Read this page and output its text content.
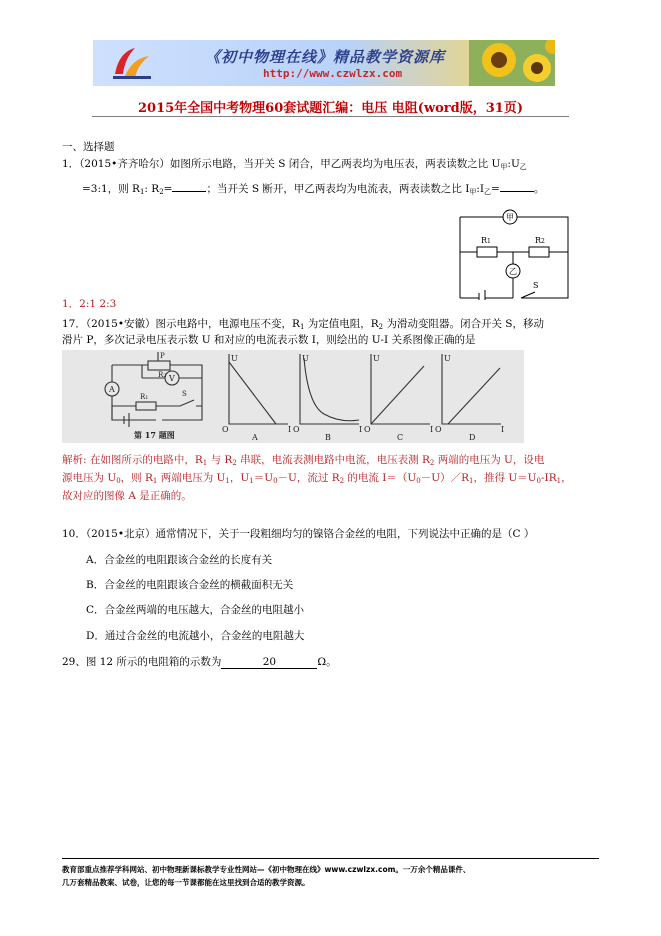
《初中物理在线》精品教学资源库
http://www.czwlzx.com
2015年全国中考物理60套试题汇编：电压 电阻(word版，31页)
一、选择题
1．（2015•齐齐哈尔）如图所示电路，当开关 S 闭合，甲乙两表均为电压表，两表读数之比 $U_甲:U_乙$
=3:1，则 $R_1$: $R_2=$	；当开关 S 断开，甲乙两表均为电流表，两表读数之比 $I_甲:I_乙=$	。
甲
乙
R1	R2
S
1．2:1 2:3
17．（2015•安徽）图示电路中，电源电压不变，$R_1$ 为定值电阻，$R_2$ 为滑动变阻器。闭合开关 S，移动
滑片 P，多次记录电压表示数 U 和对应的电流表示数 I，则绘出的 U-I 关系图像正确的是
A
V
P
R2
R1	S
第 17 题图
U
I
O
U
I
O
U
I
O
U
I
O
A	B	C	D
解析: 在如图所示的电路中，$R_1$ 与 $R_2$ 串联，电流表测电路中电流，电压表测 $R_2$ 两端的电压为 U，设电
源电压为 $U_0$，则 $R_1$ 两端电压为 $U_1$，$U_1=U_0-U$，流过 $R_2$ 的电流 $I=(U_0-U)/R_1$，推得 $U=U_0-IR_1$，
故对应的图像 A 是正确的。
10．（2015•北京）通常情况下，关于一段粗细均匀的镍铬合金丝的电阻，下列说法中正确的是（C ）
A．合金丝的电阻跟该合金丝的长度有关
B．合金丝的电阻跟该合金丝的横截面积无关
C．合金丝两端的电压越大，合金丝的电阻越小
D．通过合金丝的电流越小，合金丝的电阻越大
29、图 12 所示的电阻箱的示数为	20	Ω。
教育部重点推荐学科网站、初中物理新课标教学专业性网站—《初中物理在线》www.czwlzx.com。一万余个精品课件、
几万套精品教案、试卷，让您的每一节课都能在这里找到合适的教学资源。
